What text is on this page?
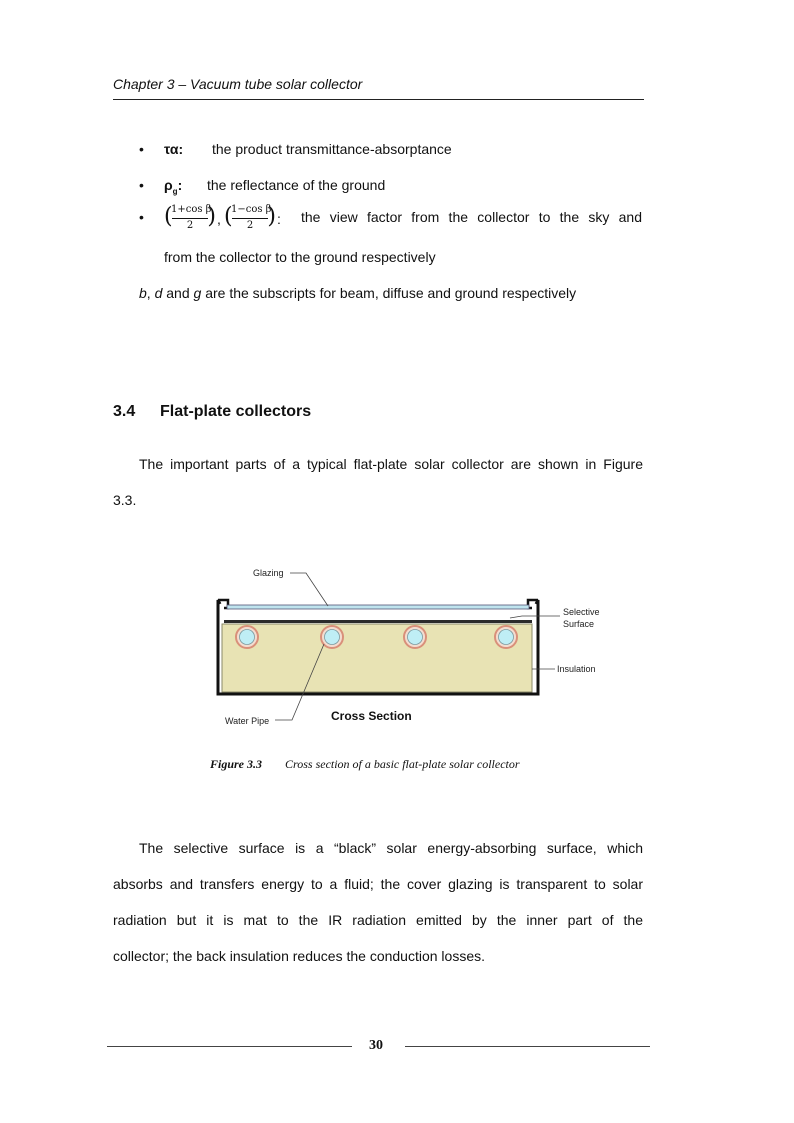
Chapter 3 – Vacuum tube solar collector
• τα: the product transmittance-absorptance
• $\rho_g$: the reflectance of the ground
• (
1+cos β
2 ) , (
1−cos β
2 ) : the view factor from the collector to the sky and
from the collector to the ground respectively
b, d and g are the subscripts for beam, diffuse and ground respectively
3.4 Flat-plate collectors
The important parts of a typical flat-plate solar collector are shown in Figure
3.3.
Glazing
Selective
Surface
Insulation
Water Pipe	Cross Section
Figure 3.3 Cross section of a basic flat-plate solar collector
The selective surface is a “black” solar energy-absorbing surface, which
absorbs and transfers energy to a fluid; the cover glazing is transparent to solar
radiation but it is mat to the IR radiation emitted by the inner part of the
collector; the back insulation reduces the conduction losses.
30
